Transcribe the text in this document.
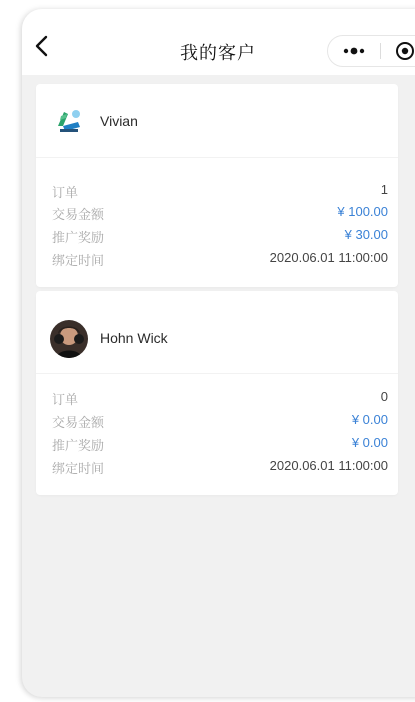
我的客户
Vivian
订单	1
交易金额	¥ 100.00
推广奖励	¥ 30.00
绑定时间	2020.06.01 11:00:00
Hohn Wick
订单	0
交易金额	¥ 0.00
推广奖励	¥ 0.00
绑定时间	2020.06.01 11:00:00
